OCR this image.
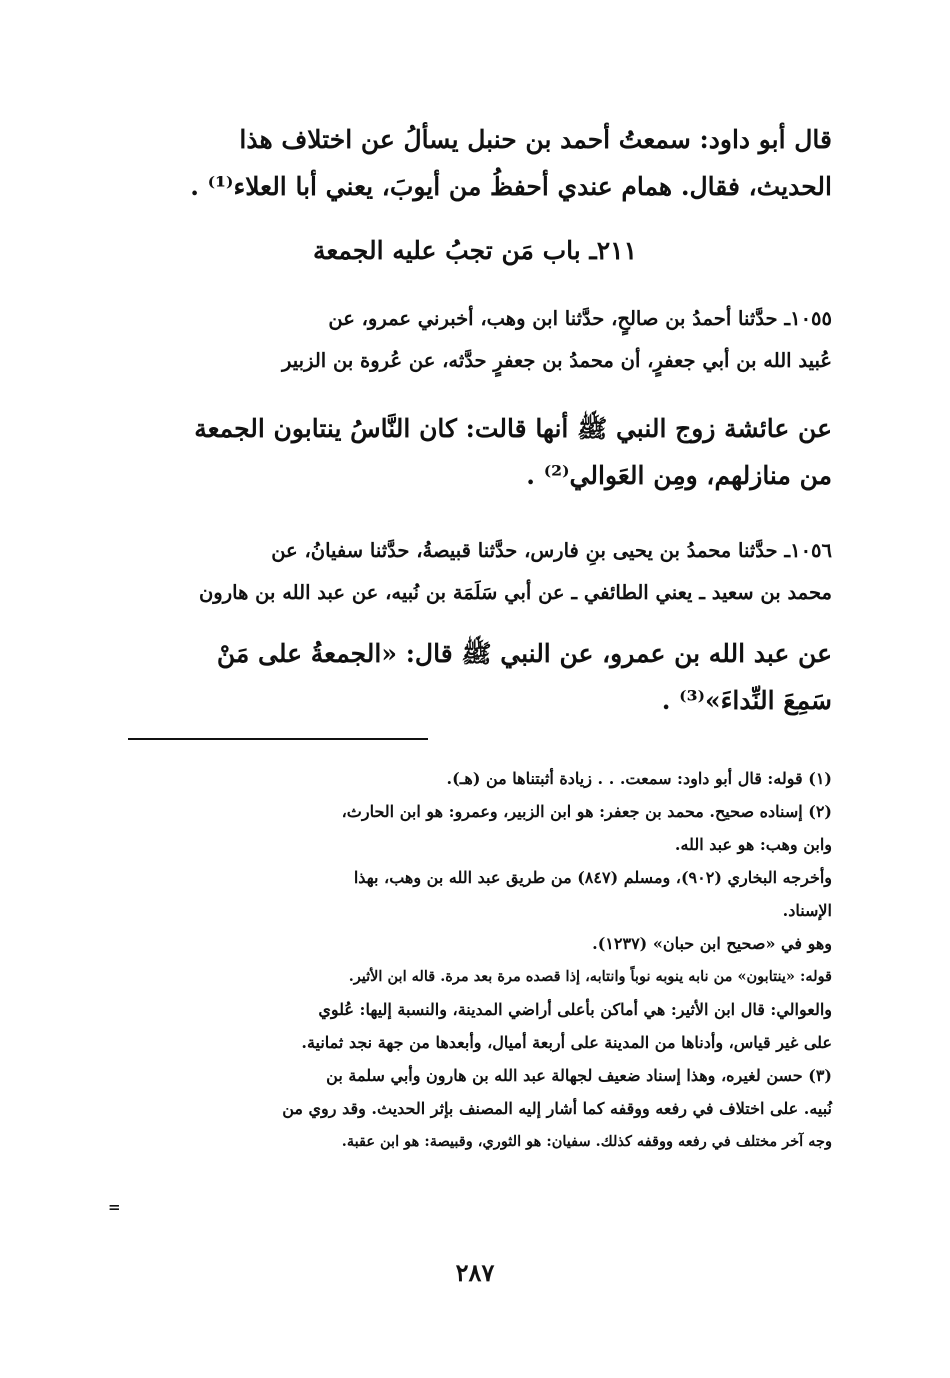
قال أبو داود: سمعتُ أحمد بن حنبل يسألُ عن اختلاف هذا
الحديث، فقال. همام عندي أحفظُ من أيوبَ، يعني أبا العلاء⁽¹⁾ .
٢١١ـ باب مَن تجبُ عليه الجمعة
١٠٥٥ـ حدَّثنا أحمدُ بن صالحٍ، حدَّثنا ابن وهب، أخبرني عمرو، عن
عُبيد الله بن أبي جعفرٍ، أن محمدُ بن جعفرٍ حدَّثه، عن عُروة بن الزبير
عن عائشة زوج النبي ﷺ أنها قالت: كان النَّاسُ ينتابون الجمعة
من منازلهم، ومِن العَوالي⁽²⁾ .
١٠٥٦ـ حدَّثنا محمدُ بن يحيى بنِ فارس، حدَّثنا قبيصةُ، حدَّثنا سفيانُ، عن
محمد بن سعيد ـ يعني الطائفي ـ عن أبي سَلَمَة بن نُبيه، عن عبد الله بن هارون
عن عبد الله بن عمرو، عن النبي ﷺ قال: «الجمعةُ على مَنْ
سَمِعَ النِّداءَ»⁽³⁾ .
(١) قوله: قال أبو داود: سمعت. . . زيادة أثبتناها من (هـ).
(٢) إسناده صحيح. محمد بن جعفر: هو ابن الزبير، وعمرو: هو ابن الحارث،
وابن وهب: هو عبد الله.
وأخرجه البخاري (٩٠٢)، ومسلم (٨٤٧) من طريق عبد الله بن وهب، بهذا
الإسناد.
وهو في «صحيح ابن حبان» (١٢٣٧).
قوله: «ينتابون» من نابه ينوبه نوباً وانتابه، إذا قصده مرة بعد مرة. قاله ابن الأثير.
والعوالي: قال ابن الأثير: هي أماكن بأعلى أراضي المدينة، والنسبة إليها: عُلوي
على غير قياس، وأدناها من المدينة على أربعة أميال، وأبعدها من جهة نجد ثمانية.
(٣) حسن لغيره، وهذا إسناد ضعيف لجهالة عبد الله بن هارون وأبي سلمة بن
نُبيه. على اختلاف في رفعه ووقفه كما أشار إليه المصنف بإثر الحديث. وقد روي من
وجه آخر مختلف في رفعه ووقفه كذلك. سفيان: هو الثوري، وقبيصة: هو ابن عقبة.
=
٢٨٧
